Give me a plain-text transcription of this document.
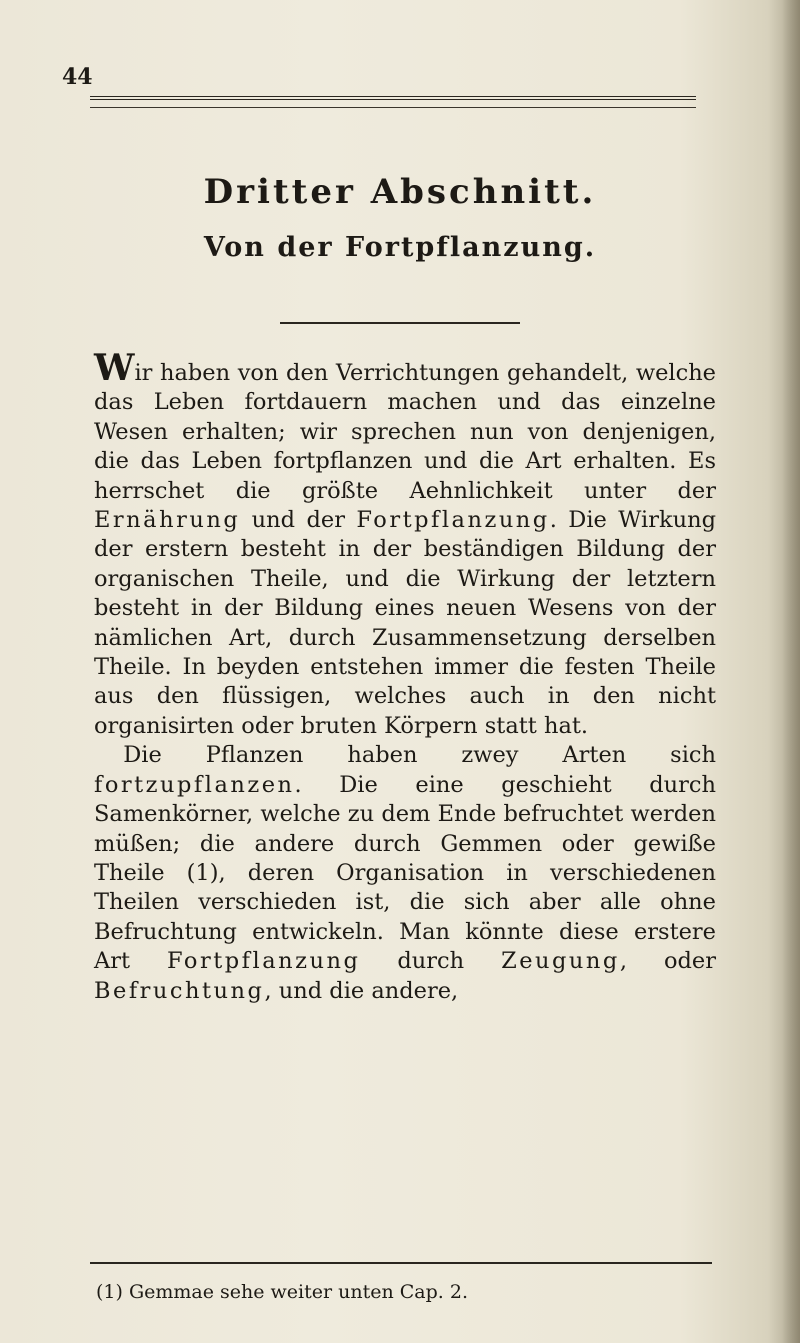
44
Dritter Abschnitt.
Von der Fortpflanzung.

Wir haben von den Verrichtungen gehandelt, welche das Leben fortdauern machen und das einzelne Wesen erhalten; wir sprechen nun von denjenigen, die das Leben fortpflanzen und die Art erhalten. Es herrschet die größte Aehnlichkeit unter der Ernährung und der Fortpflanzung. Die Wirkung der erstern besteht in der beständigen Bildung der organischen Theile, und die Wirkung der letztern besteht in der Bildung eines neuen Wesens von der nämlichen Art, durch Zusammensetzung derselben Theile. In beyden entstehen immer die festen Theile aus den flüssigen, welches auch in den nicht organisirten oder bruten Körpern statt hat.

Die Pflanzen haben zwey Arten sich fortzupflanzen. Die eine geschieht durch Samenkörner, welche zu dem Ende befruchtet werden müßen; die andere durch Gemmen oder gewiße Theile (1), deren Organisation in verschiedenen Theilen verschieden ist, die sich aber alle ohne Befruchtung entwickeln. Man könnte diese erstere Art Fortpflanzung durch Zeugung, oder Befruchtung, und die andere,

(1) Gemmae sehe weiter unten Cap. 2.
